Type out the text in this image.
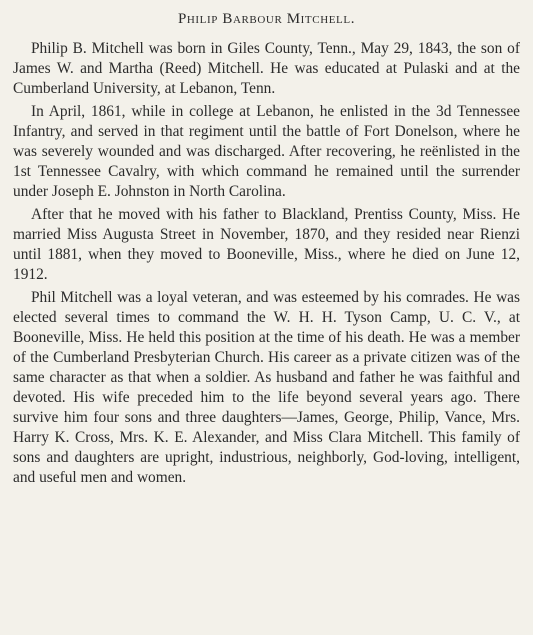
Philip Barbour Mitchell.

Philip B. Mitchell was born in Giles County, Tenn., May 29, 1843, the son of James W. and Martha (Reed) Mitchell. He was educated at Pulaski and at the Cumberland University, at Lebanon, Tenn.

In April, 1861, while in college at Lebanon, he enlisted in the 3d Tennessee Infantry, and served in that regiment until the battle of Fort Donelson, where he was severely wounded and was discharged. After recovering, he reënlisted in the 1st Tennessee Cavalry, with which command he remained until the surrender under Joseph E. Johnston in North Carolina.

After that he moved with his father to Blackland, Prentiss County, Miss. He married Miss Augusta Street in November, 1870, and they resided near Rienzi until 1881, when they moved to Booneville, Miss., where he died on June 12, 1912.

Phil Mitchell was a loyal veteran, and was esteemed by his comrades. He was elected several times to command the W. H. H. Tyson Camp, U. C. V., at Booneville, Miss. He held this position at the time of his death. He was a member of the Cumberland Presbyterian Church. His career as a private citizen was of the same character as that when a soldier. As husband and father he was faithful and devoted. His wife preceded him to the life beyond several years ago. There survive him four sons and three daughters—James, George, Philip, Vance, Mrs. Harry K. Cross, Mrs. K. E. Alexander, and Miss Clara Mitchell. This family of sons and daughters are upright, industrious, neighborly, God-loving, intelligent, and useful men and women.
